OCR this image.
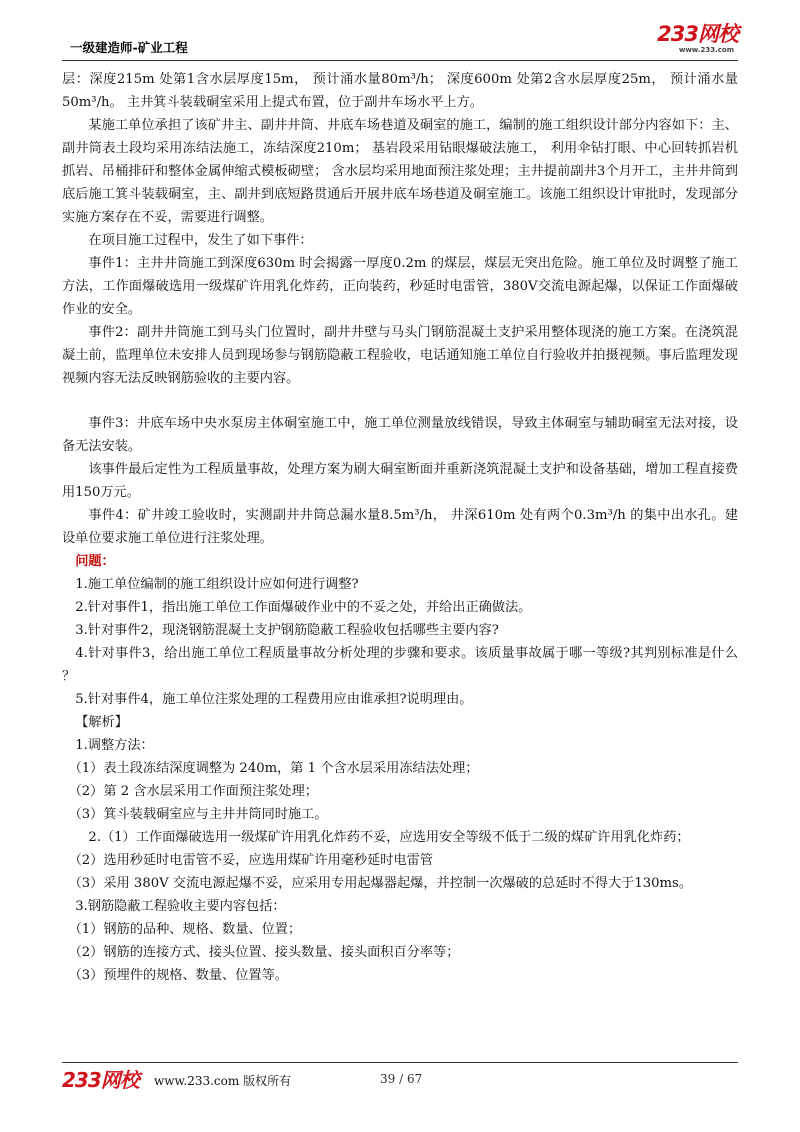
一级建造师-矿业工程
233网校
www.233.com

层：深度215m 处第1含水层厚度15m， 预计涌水量80m³/h； 深度600m 处第2含水层厚度25m， 预计涌水量50m³/h。 主井箕斗装载硐室采用上提式布置，位于副井车场水平上方。

某施工单位承担了该矿井主、副井井筒、井底车场巷道及硐室的施工，编制的施工组织设计部分内容如下：主、副井筒表土段均采用冻结法施工，冻结深度210m； 基岩段采用钻眼爆破法施工， 利用伞钻打眼、中心回转抓岩机抓岩、吊桶排矸和整体金属伸缩式模板砌壁； 含水层均采用地面预注浆处理；主井提前副井3个月开工，主井井筒到底后施工箕斗装载硐室，主、副井到底短路贯通后开展井底车场巷道及硐室施工。该施工组织设计审批时，发现部分实施方案存在不妥，需要进行调整。

在项目施工过程中，发生了如下事件：

事件1：主井井筒施工到深度630m 时会揭露一厚度0.2m 的煤层，煤层无突出危险。施工单位及时调整了施工方法，工作面爆破选用一级煤矿许用乳化炸药，正向装药，秒延时电雷管，380V交流电源起爆，以保证工作面爆破作业的安全。

事件2：副井井筒施工到马头门位置时，副井井壁与马头门钢筋混凝土支护采用整体现浇的施工方案。在浇筑混凝土前，监理单位未安排人员到现场参与钢筋隐蔽工程验收，电话通知施工单位自行验收并拍摄视频。事后监理发现视频内容无法反映钢筋验收的主要内容。

事件3：井底车场中央水泵房主体硐室施工中，施工单位测量放线错误，导致主体硐室与辅助硐室无法对接，设备无法安装。

该事件最后定性为工程质量事故，处理方案为刷大硐室断面并重新浇筑混凝土支护和设备基础，增加工程直接费用150万元。

事件4：矿井竣工验收时，实测副井井筒总漏水量8.5m³/h， 井深610m 处有两个0.3m³/h 的集中出水孔。建设单位要求施工单位进行注浆处理。

问题：

1.施工单位编制的施工组织设计应如何进行调整?

2.针对事件1，指出施工单位工作面爆破作业中的不妥之处，并给出正确做法。

3.针对事件2，现浇钢筋混凝土支护钢筋隐蔽工程验收包括哪些主要内容?

4.针对事件3，给出施工单位工程质量事故分析处理的步骤和要求。该质量事故属于哪一等级?其判别标准是什么 ？

5.针对事件4，施工单位注浆处理的工程费用应由谁承担?说明理由。

【解析】

1.调整方法：

（1）表土段冻结深度调整为 240m，第 1 个含水层采用冻结法处理；

（2）第 2 含水层采用工作面预注浆处理；

（3）箕斗装载硐室应与主井井筒同时施工。

2.（1）工作面爆破选用一级煤矿许用乳化炸药不妥，应选用安全等级不低于二级的煤矿许用乳化炸药；

（2）选用秒延时电雷管不妥，应选用煤矿许用毫秒延时电雷管

（3）采用 380V 交流电源起爆不妥，应采用专用起爆器起爆，并控制一次爆破的总延时不得大于130ms。

3.钢筋隐蔽工程验收主要内容包括：

（1）钢筋的品种、规格、数量、位置；

（2）钢筋的连接方式、接头位置、接头数量、接头面积百分率等；

（3）预埋件的规格、数量、位置等。

233网校 www.233.com 版权所有	39 / 67
